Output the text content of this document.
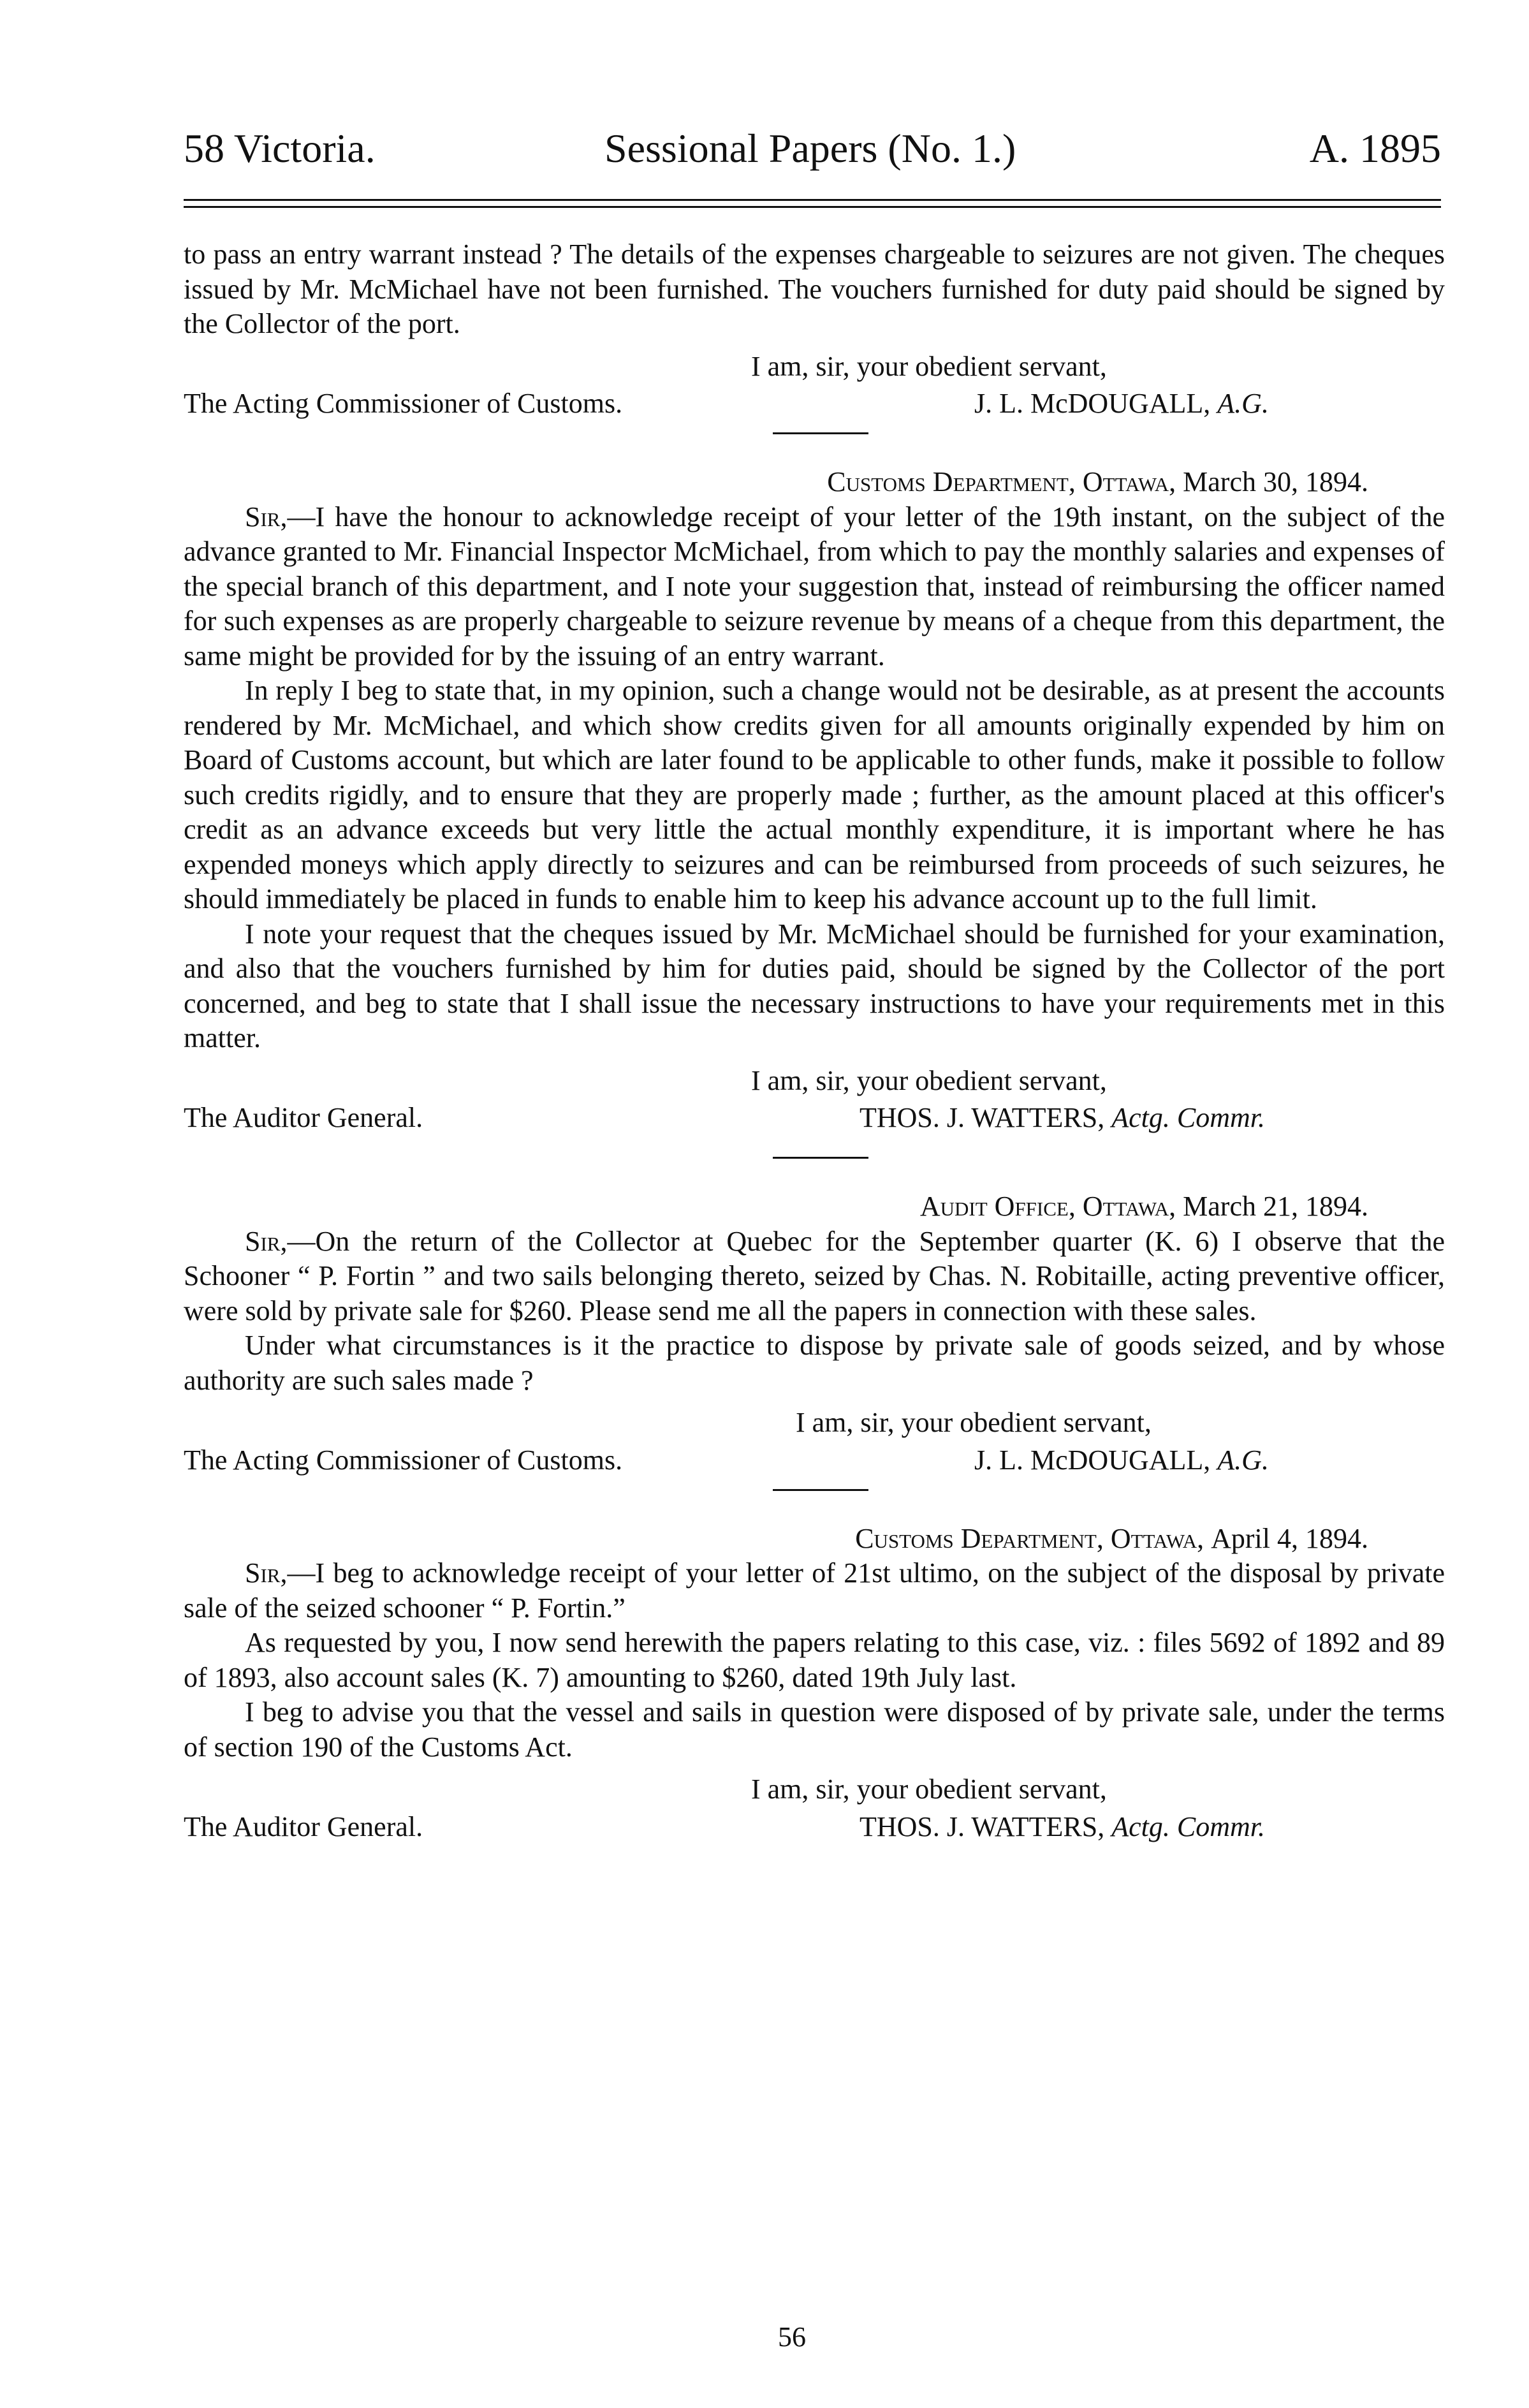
58 Victoria.	Sessional Papers (No. 1.)	A. 1895

to pass an entry warrant instead ? The details of the expenses chargeable to seizures are not given. The cheques issued by Mr. McMichael have not been furnished. The vouchers furnished for duty paid should be signed by the Collector of the port.

I am, sir, your obedient servant,

The Acting Commissioner of Customs.	J. L. McDOUGALL, A.G.

Customs Department, Ottawa, March 30, 1894.

Sir,—I have the honour to acknowledge receipt of your letter of the 19th instant, on the subject of the advance granted to Mr. Financial Inspector McMichael, from which to pay the monthly salaries and expenses of the special branch of this department, and I note your suggestion that, instead of reimbursing the officer named for such expenses as are properly chargeable to seizure revenue by means of a cheque from this department, the same might be provided for by the issuing of an entry warrant.

In reply I beg to state that, in my opinion, such a change would not be desirable, as at present the accounts rendered by Mr. McMichael, and which show credits given for all amounts originally expended by him on Board of Customs account, but which are later found to be applicable to other funds, make it possible to follow such credits rigidly, and to ensure that they are properly made ; further, as the amount placed at this officer's credit as an advance exceeds but very little the actual monthly expenditure, it is important where he has expended moneys which apply directly to seizures and can be reimbursed from proceeds of such seizures, he should immediately be placed in funds to enable him to keep his advance account up to the full limit.

I note your request that the cheques issued by Mr. McMichael should be furnished for your examination, and also that the vouchers furnished by him for duties paid, should be signed by the Collector of the port concerned, and beg to state that I shall issue the necessary instructions to have your requirements met in this matter.

I am, sir, your obedient servant,

The Auditor General.	THOS. J. WATTERS, Actg. Commr.

Audit Office, Ottawa, March 21, 1894.

Sir,—On the return of the Collector at Quebec for the September quarter (K. 6) I observe that the Schooner “ P. Fortin ” and two sails belonging thereto, seized by Chas. N. Robitaille, acting preventive officer, were sold by private sale for $260. Please send me all the papers in connection with these sales.

Under what circumstances is it the practice to dispose by private sale of goods seized, and by whose authority are such sales made ?

I am, sir, your obedient servant,

The Acting Commissioner of Customs.	J. L. McDOUGALL, A.G.

Customs Department, Ottawa, April 4, 1894.

Sir,—I beg to acknowledge receipt of your letter of 21st ultimo, on the subject of the disposal by private sale of the seized schooner “ P. Fortin.”

As requested by you, I now send herewith the papers relating to this case, viz. : files 5692 of 1892 and 89 of 1893, also account sales (K. 7) amounting to $260, dated 19th July last.

I beg to advise you that the vessel and sails in question were disposed of by private sale, under the terms of section 190 of the Customs Act.

I am, sir, your obedient servant,

The Auditor General.	THOS. J. WATTERS, Actg. Commr.
56
